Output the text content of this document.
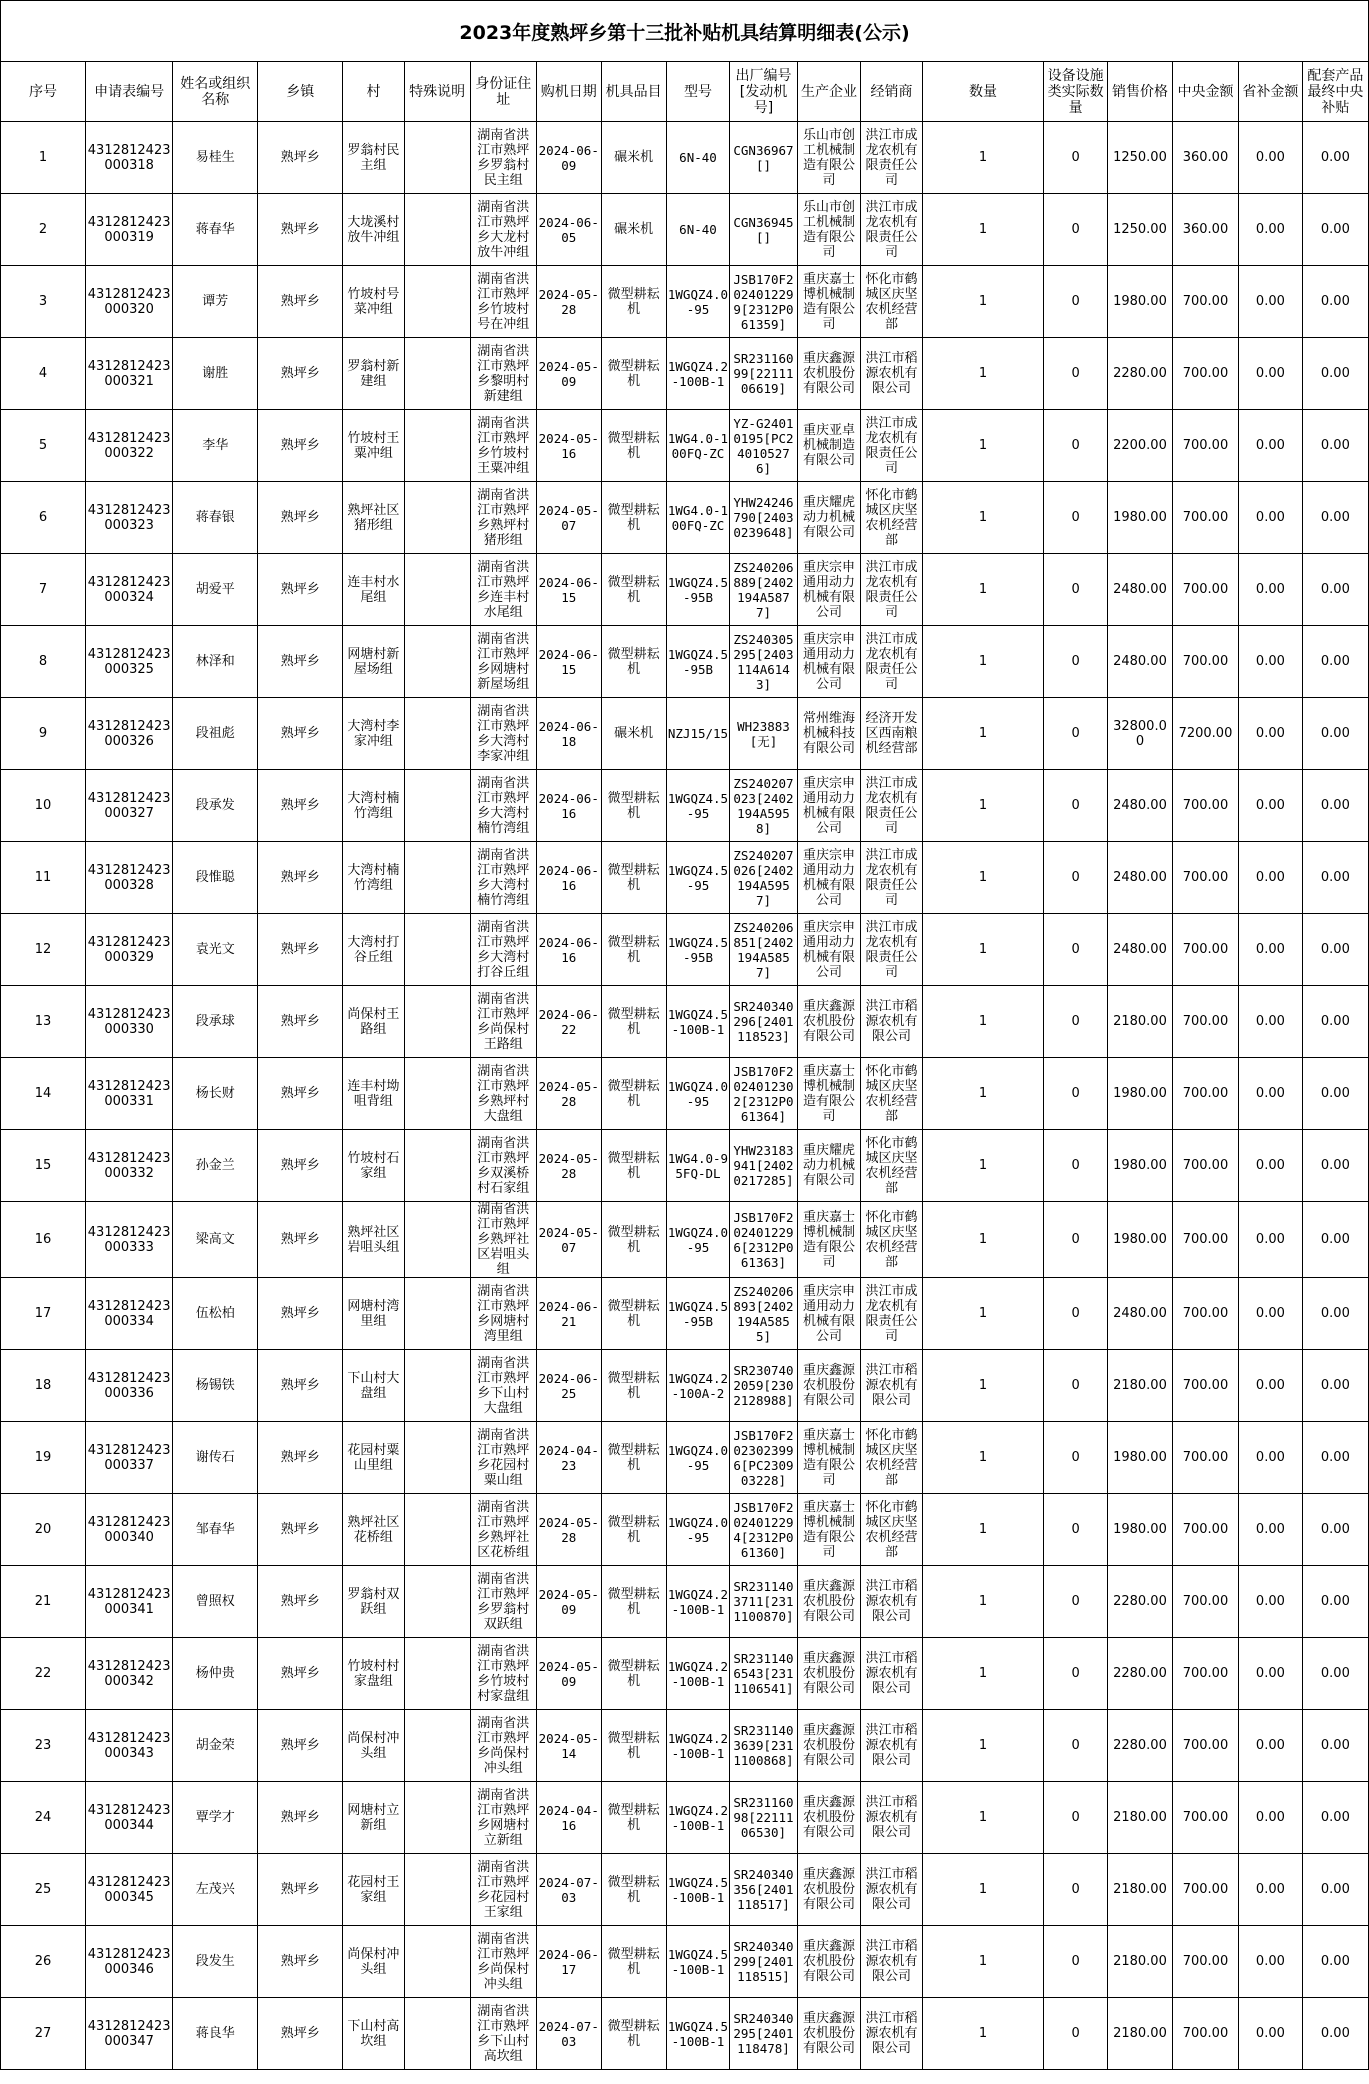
2023年度熟坪乡第十三批补贴机具结算明细表(公示)
序号	申请表编号	姓名或组织名称	乡镇	村	特殊说明	身份证住址	购机日期	机具品目	型号	出厂编号[发动机号]	生产企业	经销商	数量	设备设施类实际数量	销售价格	中央金额	省补金额	配套产品最终中央补贴
1	4312812423000318	易桂生	熟坪乡	罗翁村民主组		湖南省洪江市熟坪乡罗翁村民主组	2024-06-09	碾米机	6N-40	CGN36967[]	乐山市创工机械制造有限公司	洪江市成龙农机有限责任公司	1	0	1250.00	360.00	0.00	0.00
2	4312812423000319	蒋春华	熟坪乡	大垅溪村放牛冲组		湖南省洪江市熟坪乡大龙村放牛冲组	2024-06-05	碾米机	6N-40	CGN36945[]	乐山市创工机械制造有限公司	洪江市成龙农机有限责任公司	1	0	1250.00	360.00	0.00	0.00
3	4312812423000320	谭芳	熟坪乡	竹坡村号菜冲组		湖南省洪江市熟坪乡竹坡村号在冲组	2024-05-28	微型耕耘机	1WGQZ4.0-95	JSB170F202401229 9[2312P061359]	重庆嘉士博机械制造有限公司	怀化市鹤城区庆坚农机经营部	1	0	1980.00	700.00	0.00	0.00
4	4312812423000321	谢胜	熟坪乡	罗翁村新建组		湖南省洪江市熟坪乡黎明村新建组	2024-05-09	微型耕耘机	1WGQZ4.2-100B-1	SR23116099[2211106619]	重庆鑫源农机股份有限公司	洪江市稻源农机有限公司	1	0	2280.00	700.00	0.00	0.00
5	4312812423000322	李华	熟坪乡	竹坡村王粟冲组		湖南省洪江市熟坪乡竹坡村王粟冲组	2024-05-16	微型耕耘机	1WG4.0-100FQ-ZC	YZ-G24010195[PC240105276]	重庆亚卓机械制造有限公司	洪江市成龙农机有限责任公司	1	0	2200.00	700.00	0.00	0.00
6	4312812423000323	蒋春银	熟坪乡	熟坪社区猪形组		湖南省洪江市熟坪乡熟坪村猪形组	2024-05-07	微型耕耘机	1WG4.0-100FQ-ZC	YHW24246790[24030239648]	重庆耀虎动力机械有限公司	怀化市鹤城区庆坚农机经营部	1	0	1980.00	700.00	0.00	0.00
7	4312812423000324	胡爱平	熟坪乡	连丰村水尾组		湖南省洪江市熟坪乡连丰村水尾组	2024-06-15	微型耕耘机	1WGQZ4.5-95B	ZS240206889[2402194A5877]	重庆宗申通用动力机械有限公司	洪江市成龙农机有限责任公司	1	0	2480.00	700.00	0.00	0.00
8	4312812423000325	林泽和	熟坪乡	网塘村新屋场组		湖南省洪江市熟坪乡网塘村新屋场组	2024-06-15	微型耕耘机	1WGQZ4.5-95B	ZS240305295[2403114A6143]	重庆宗申通用动力机械有限公司	洪江市成龙农机有限责任公司	1	0	2480.00	700.00	0.00	0.00
9	4312812423000326	段祖彪	熟坪乡	大湾村李家冲组		湖南省洪江市熟坪乡大湾村李家冲组	2024-06-18	碾米机	NZJ15/15	WH23883[无]	常州维海机械科技有限公司	经济开发区西南粮机经营部	1	0	32800.00	7200.00	0.00	0.00
10	4312812423000327	段承发	熟坪乡	大湾村楠竹湾组		湖南省洪江市熟坪乡大湾村楠竹湾组	2024-06-16	微型耕耘机	1WGQZ4.5-95	ZS240207023[2402194A5958]	重庆宗申通用动力机械有限公司	洪江市成龙农机有限责任公司	1	0	2480.00	700.00	0.00	0.00
11	4312812423000328	段惟聪	熟坪乡	大湾村楠竹湾组		湖南省洪江市熟坪乡大湾村楠竹湾组	2024-06-16	微型耕耘机	1WGQZ4.5-95	ZS240207026[2402194A5957]	重庆宗申通用动力机械有限公司	洪江市成龙农机有限责任公司	1	0	2480.00	700.00	0.00	0.00
12	4312812423000329	袁光文	熟坪乡	大湾村打谷丘组		湖南省洪江市熟坪乡大湾村打谷丘组	2024-06-16	微型耕耘机	1WGQZ4.5-95B	ZS240206851[2402194A5857]	重庆宗申通用动力机械有限公司	洪江市成龙农机有限责任公司	1	0	2480.00	700.00	0.00	0.00
13	4312812423000330	段承球	熟坪乡	尚保村王路组		湖南省洪江市熟坪乡尚保村王路组	2024-06-22	微型耕耘机	1WGQZ4.5-100B-1	SR240340296[2401118523]	重庆鑫源农机股份有限公司	洪江市稻源农机有限公司	1	0	2180.00	700.00	0.00	0.00
14	4312812423000331	杨长财	熟坪乡	连丰村坳咀背组		湖南省洪江市熟坪乡熟坪村大盘组	2024-05-28	微型耕耘机	1WGQZ4.0-95	JSB170F202401230 2[2312P061364]	重庆嘉士博机械制造有限公司	怀化市鹤城区庆坚农机经营部	1	0	1980.00	700.00	0.00	0.00
15	4312812423000332	孙金兰	熟坪乡	竹坡村石家组		湖南省洪江市熟坪乡双溪桥村石家组	2024-05-28	微型耕耘机	1WG4.0-95FQ-DL	YHW23183941[24020217285]	重庆耀虎动力机械有限公司	怀化市鹤城区庆坚农机经营部	1	0	1980.00	700.00	0.00	0.00
16	4312812423000333	梁高文	熟坪乡	熟坪社区岩咀头组		湖南省洪江市熟坪乡熟坪社区岩咀头组	2024-05-07	微型耕耘机	1WGQZ4.0-95	JSB170F202401229 6[2312P061363]	重庆嘉士博机械制造有限公司	怀化市鹤城区庆坚农机经营部	1	0	1980.00	700.00	0.00	0.00
17	4312812423000334	伍松柏	熟坪乡	网塘村湾里组		湖南省洪江市熟坪乡网塘村湾里组	2024-06-21	微型耕耘机	1WGQZ4.5-95B	ZS240206893[2402194A5855]	重庆宗申通用动力机械有限公司	洪江市成龙农机有限责任公司	1	0	2480.00	700.00	0.00	0.00
18	4312812423000336	杨锡铁	熟坪乡	下山村大盘组		湖南省洪江市熟坪乡下山村大盘组	2024-06-25	微型耕耘机	1WGQZ4.2-100A-2	SR230740 2059[2302128988]	重庆鑫源农机股份有限公司	洪江市稻源农机有限公司	1	0	2180.00	700.00	0.00	0.00
19	4312812423000337	谢传石	熟坪乡	花园村粟山里组		湖南省洪江市熟坪乡花园村粟山组	2024-04-23	微型耕耘机	1WGQZ4.0-95	JSB170F202302399 6[PC230903228]	重庆嘉士博机械制造有限公司	怀化市鹤城区庆坚农机经营部	1	0	1980.00	700.00	0.00	0.00
20	4312812423000340	邹春华	熟坪乡	熟坪社区花桥组		湖南省洪江市熟坪乡熟坪社区花桥组	2024-05-28	微型耕耘机	1WGQZ4.0-95	JSB170F202401229 4[2312P061360]	重庆嘉士博机械制造有限公司	怀化市鹤城区庆坚农机经营部	1	0	1980.00	700.00	0.00	0.00
21	4312812423000341	曾照权	熟坪乡	罗翁村双跃组		湖南省洪江市熟坪乡罗翁村双跃组	2024-05-09	微型耕耘机	1WGQZ4.2-100B-1	SR231140 3711[2311100870]	重庆鑫源农机股份有限公司	洪江市稻源农机有限公司	1	0	2280.00	700.00	0.00	0.00
22	4312812423000342	杨仲贵	熟坪乡	竹坡村村家盘组		湖南省洪江市熟坪乡竹坡村村家盘组	2024-05-09	微型耕耘机	1WGQZ4.2-100B-1	SR231140 6543[2311106541]	重庆鑫源农机股份有限公司	洪江市稻源农机有限公司	1	0	2280.00	700.00	0.00	0.00
23	4312812423000343	胡金荣	熟坪乡	尚保村冲头组		湖南省洪江市熟坪乡尚保村冲头组	2024-05-14	微型耕耘机	1WGQZ4.2-100B-1	SR231140 3639[2311100868]	重庆鑫源农机股份有限公司	洪江市稻源农机有限公司	1	0	2280.00	700.00	0.00	0.00
24	4312812423000344	覃学才	熟坪乡	网塘村立新组		湖南省洪江市熟坪乡网塘村立新组	2024-04-16	微型耕耘机	1WGQZ4.2-100B-1	SR23116098[2211106530]	重庆鑫源农机股份有限公司	洪江市稻源农机有限公司	1	0	2180.00	700.00	0.00	0.00
25	4312812423000345	左茂兴	熟坪乡	花园村王家组		湖南省洪江市熟坪乡花园村王家组	2024-07-03	微型耕耘机	1WGQZ4.5-100B-1	SR240340356[2401118517]	重庆鑫源农机股份有限公司	洪江市稻源农机有限公司	1	0	2180.00	700.00	0.00	0.00
26	4312812423000346	段发生	熟坪乡	尚保村冲头组		湖南省洪江市熟坪乡尚保村冲头组	2024-06-17	微型耕耘机	1WGQZ4.5-100B-1	SR240340299[2401118515]	重庆鑫源农机股份有限公司	洪江市稻源农机有限公司	1	0	2180.00	700.00	0.00	0.00
27	4312812423000347	蒋良华	熟坪乡	下山村高坎组		湖南省洪江市熟坪乡下山村高坎组	2024-07-03	微型耕耘机	1WGQZ4.5-100B-1	SR240340295[2401118478]	重庆鑫源农机股份有限公司	洪江市稻源农机有限公司	1	0	2180.00	700.00	0.00	0.00
